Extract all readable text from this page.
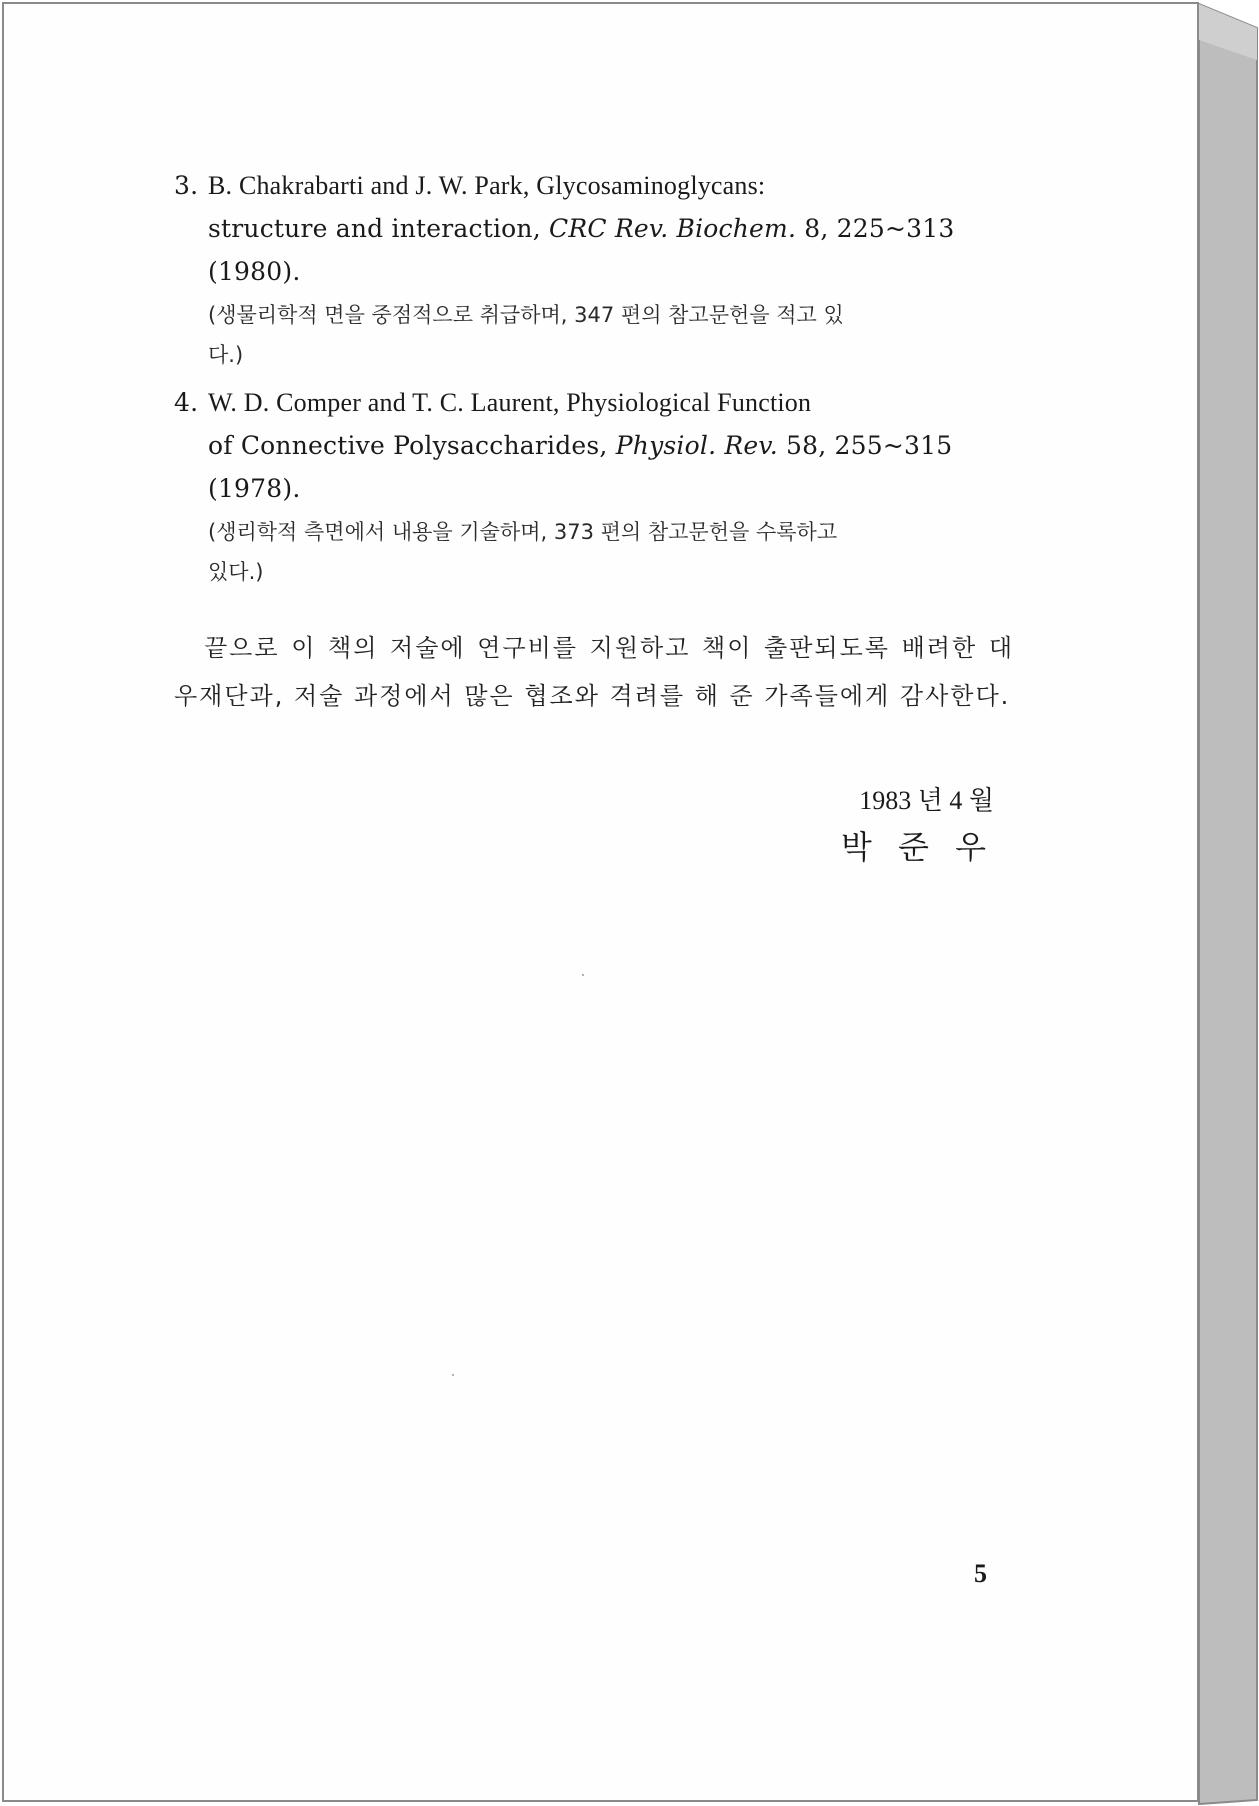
3. B. Chakrabarti and J. W. Park, Glycosaminoglycans:
structure and interaction, CRC Rev. Biochem. 8, 225~313
(1980).
(생물리학적 면을 중점적으로 취급하며, 347 편의 참고문헌을 적고 있
다.)
4. W. D. Comper and T. C. Laurent, Physiological Function
of Connective Polysaccharides, Physiol. Rev. 58, 255~315
(1978).
(생리학적 측면에서 내용을 기술하며, 373 편의 참고문헌을 수록하고
있다.)
끝으로 이 책의 저술에 연구비를 지원하고 책이 출판되도록 배려한 대우재단과, 저술 과정에서 많은 협조와 격려를 해 준 가족들에게 감사한다.
1983 년 4 월
박 준 우
5
